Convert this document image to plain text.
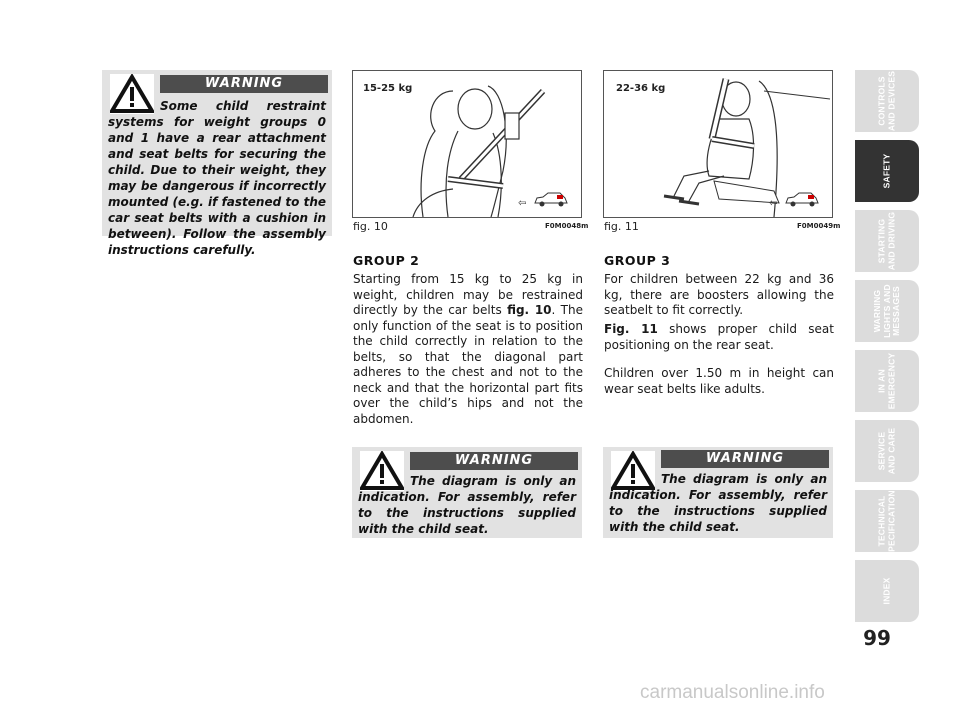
WARNING
Some child restraint systems for weight groups 0 and 1 have a rear attachment and seat belts for securing the child. Due to their weight, they may be dangerous if incorrectly mounted (e.g. if fastened to the car seat belts with a cushion in between). Follow the assembly instructions carefully.
15-25 kg
⇦
fig. 10	F0M0048m
22-36 kg
⇦
fig. 11	F0M0049m
GROUP 2
Starting from 15 kg to 25 kg in weight, children may be restrained directly by the car belts fig. 10. The only function of the seat is to position the child correctly in relation to the belts, so that the diagonal part adheres to the chest and not to the neck and that the horizontal part fits over the child’s hips and not the abdomen.
GROUP 3
For children between 22 kg and 36 kg, there are boosters allowing the seatbelt to fit correctly.
Fig. 11 shows proper child seat positioning on the rear seat.
Children over 1.50 m in height can wear seat belts like adults.
WARNING
The diagram is only an indication. For assembly, refer to the instructions supplied with the child seat.
WARNING
The diagram is only an indication. For assembly, refer to the instructions supplied with the child seat.
CONTROLS
AND DEVICES
SAFETY
STARTING
AND DRIVING
WARNING
LIGHTS AND
MESSAGES
IN AN
EMERGENCY
SERVICE
AND CARE
TECHNICAL
SPECIFICATIONS
INDEX
99
carmanualsonline.info
